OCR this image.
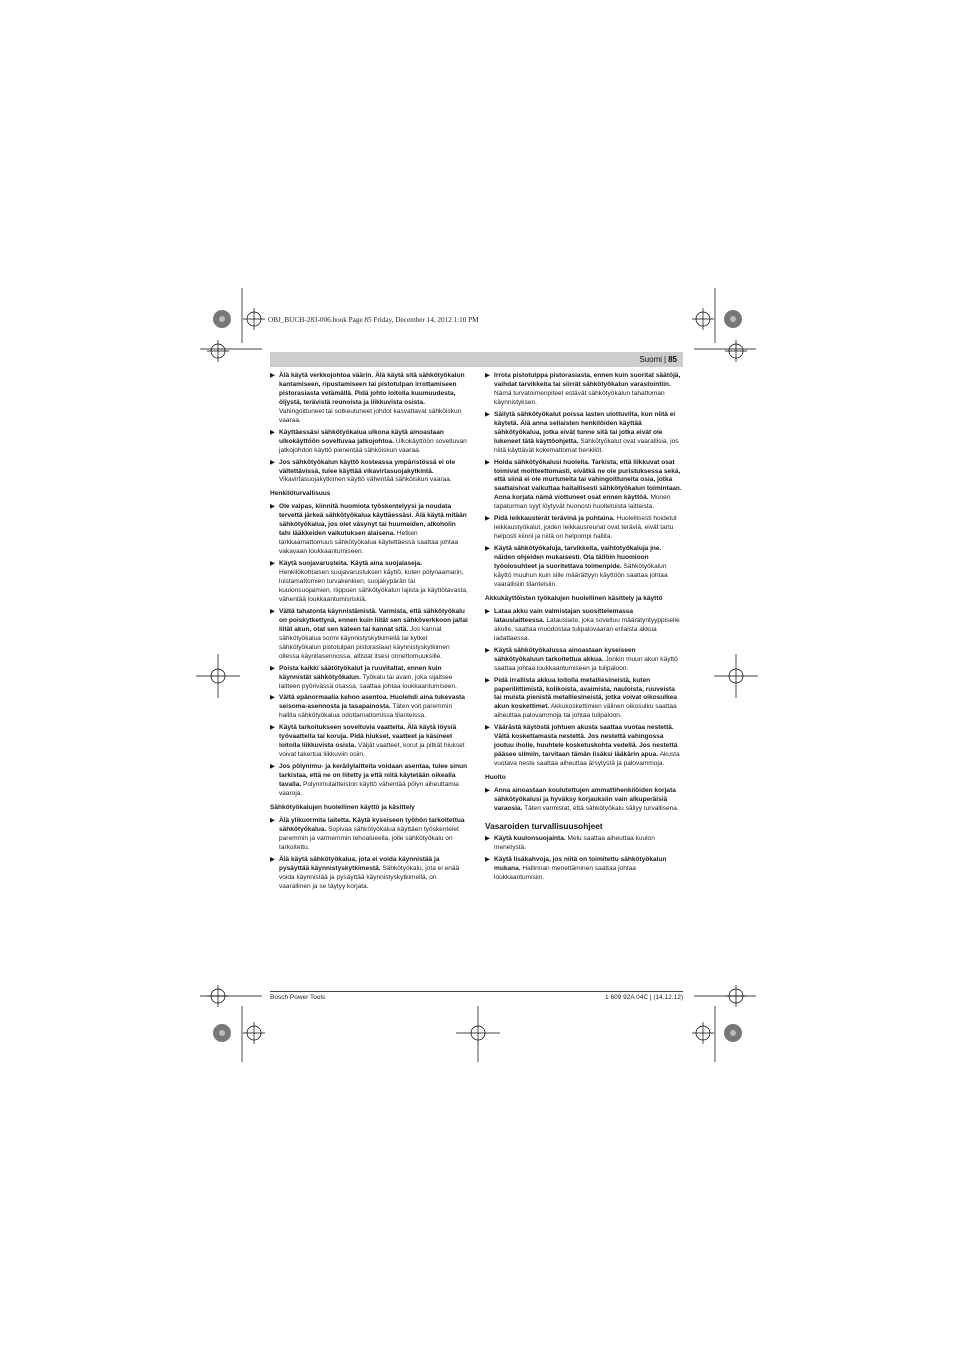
OBJ_BUCH-283-006.book Page 85 Friday, December 14, 2012 1:10 PM
Suomi | 85
▶ Älä käytä verkkojohtoa väärin. Älä käytä sitä sähkötyökalun kantamiseen, ripustamiseen tai pistotulpan irrottamiseen pistorasiasta vetämällä. Pidä johto loitolla kuumuudesta, öljystä, terävistä reunoista ja liikkuvista osista. Vahingoittuneet tai sotkeutuneet johdot kasvattavat sähköiskun vaaraa.
▶ Käyttäessäsi sähkötyökalua ulkona käytä ainoastaan ulkokäyttöön soveltuvaa jatkojohtoa. Ulkokäyttöön soveltuvan jatkojohdon käyttö pienentää sähköiskun vaaraa.
▶ Jos sähkötyökalun käyttö kosteassa ympäristössä ei ole vältettävissä, tulee käyttää vikavirtasuojakytkintä. Vikavirtasuojakytkimen käyttö vähentää sähköiskun vaaraa.
Henkilöturvallisuus
▶ Ole valpas, kiinnitä huomiota työskentelyysi ja noudata tervettä järkeä sähkötyökalua käyttäessäsi. Älä käytä mitään sähkötyökalua, jos olet väsynyt tai huumeiden, alkoholin tahi lääkkeiden vaikutuksen alaisena. Hetken tarkkaamattomuus sähkötyökalua käytettäessä saattaa johtaa vakavaan loukkaantumiseen.
▶ Käytä suojavarusteita. Käytä aina suojalaseja. Henkilökohtaisen suojavarustuksen käyttö, kuten pölynaamarin, luistamattomien turvakenkien, suojakypärän tai kuulonsuojaimien, riippuen sähkötyökalun lajista ja käyttötavasta, vähentää loukkaantumisriskiä.
▶ Vältä tahatonta käynnistämistä. Varmista, että sähkötyökalu on poiskytkettynä, ennen kuin liität sen sähköverkkoon ja/tai liität akun, otat sen käteen tai kannat sitä. Jos kannat sähkötyökalua sormi käynnistyskytkimellä tai kytket sähkötyökalun pistotulpan pistorasiaan käynnistyskytkimen ollessa käyntiasennossa, altistat itsesi onnettomuuksille.
▶ Poista kaikki säätötyökalut ja ruuvitaltat, ennen kuin käynnistät sähkötyökalun. Työkalu tai avain, joka sijaitsee laitteen pyörivässä osassa, saattaa johtaa loukkaantumiseen.
▶ Vältä epänormaalia kehon asentoa. Huolehdi aina tukevasta seisoma-asennosta ja tasapainosta. Täten voit paremmin hallita sähkötyökalua odottamattomissa tilanteissa.
▶ Käytä tarkoitukseen soveltuvia vaatteita. Älä käytä löysiä työvaatteita tai koruja. Pidä hiukset, vaatteet ja käsineet loitolla liikkuvista osista. Väljät vaatteet, korut ja pitkät hiukset voivat takertua liikkuviin osiin.
▶ Jos pölynimu- ja keräilylaitteita voidaan asentaa, tulee sinun tarkistaa, että ne on liitetty ja että niitä käytetään oikealla tavalla. Polynimulaitteiston käyttö vähentää pölyn aiheuttamia vaaroja.
Sähkötyökalujen huolellinen käyttö ja käsittely
▶ Älä ylikuormita laitetta. Käytä kyseiseen työhön tarkoitettua sähkötyökalua. Sopivaa sähkötyökalua käyttäen työskentelet paremmin ja varmemmin tehoalueella, jolle sähkötyökalu on tarkoitettu.
▶ Älä käytä sähkötyökalua, jota ei voida käynnistää ja pysäyttää käynnistyskytkimestä. Sähkötyökalu, jota ei enää voida käynnistää ja pysäyttää käynnistyskytkimellä, on vaarallinen ja se täytyy korjata.
▶ Irrota pistotulppa pistorasiasta, ennen kuin suoritat säätöjä, vaihdat tarvikkeita tai siirrät sähkötyökalun varastointiin. Nämä turvatoimenpiteet estävät sähkötyökalun tahattoman käynnistyksen.
▶ Säilytä sähkötyökalut poissa lasten ulottuvilta, kun niitä ei käytetä. Älä anna sellaisten henkilöiden käyttää sähkötyökalua, jotka eivät tunne sitä tai jotka eivät ole lukeneet tätä käyttöohjetta. Sähkötyökalut ovat vaarallisia, jos niitä käyttävät kokemattomat henkilöt.
▶ Hoida sähkötyökalusi huolella. Tarkista, että liikkuvat osat toimivat moitteettomasti, eivätkä ne ole puristuksessa sekä, että siinä ei ole murtuneita tai vahingoittuneita osia, jotka saattaisivat vaikuttaa haitallisesti sähkötyökalun toimintaan. Anna korjata nämä viottuneet osat ennen käyttöä. Monen tapaturman syyt löytyvät huonosti huoltetuista laitteista.
▶ Pidä leikkausterät terävinä ja puhtaina. Huolellisesti hoidetut leikkaustyökalut, joiden leikkausreunat ovat teräviä, eivät tartu helposti kiinni ja niitä on helpompi hallita.
▶ Käytä sähkötyökaluja, tarvikkeita, vaihtotyökaluja jne. näiden ohjeiden mukaisesti. Ota tällöin huomioon työolosuhteet ja suoritettava toimenpide. Sähkötyökalun käyttö muuhun kuin sille määrättyyn käyttöön saattaa johtaa vaarallisiin tilanteisiin.
Akkukäyttöisten työkalujen huolellinen käsittely ja käyttö
▶ Lataa akku vain valmistajan suosittelemassa latauslaitteessa. Latauslaite, joka soveltuu määrätyntyyppiselle akulle, saattaa muodostaa tulipalovaaran erilaista akkua ladattaessa.
▶ Käytä sähkötyökalussa ainoastaan kyseiseen sähkötyökaluun tarkoitettua akkua. Jonkin muun akun käyttö saattaa johtaa loukkaantumiseen ja tulipaloon.
▶ Pidä irrallista akkua loitolla metalliesineistä, kuten paperiliittimistä, kolikoista, avaimista, nauloista, ruuveista tai muista pienistä metalliesineistä, jotka voivat oikosulkea akun koskettimet. Akkukoskettimien välinen oikosulku saattaa aiheuttaa palovammoja tai johtaa tulipaloon.
▶ Väärästä käytöstä johtuen akusta saattaa vuotaa nestettä. Vältä koskettamasta nestettä. Jos nestettä vahingossa joutuu iholle, huuhtele kosketuskohta vedellä. Jos nestettä pääsee silmiin, tarvitaan tämän lisäksi lääkärin apua. Akusta vuotava neste saattaa aiheuttaa ärsytystä ja palovammoja.
Huolto
▶ Anna ainoastaan koulutettujen ammattihenkilöiden korjata sähkötyökalusi ja hyväksy korjauksiin vain alkuperäisiä varaosia. Täten varmistat, että sähkötyökalu säilyy turvallisena.
Vasaroiden turvallisuusohjeet
▶ Käytä kuulonsuojainta. Melu saattaa aiheuttaa kuulon menetystä.
▶ Käytä lisäkahvoja, jos niitä on toimitettu sähkötyökalun mukana. Hallinnan menettäminen saattaa johtaa loukkaantumisiin.
Bosch Power Tools	1 609 92A 04C | (14.12.12)
